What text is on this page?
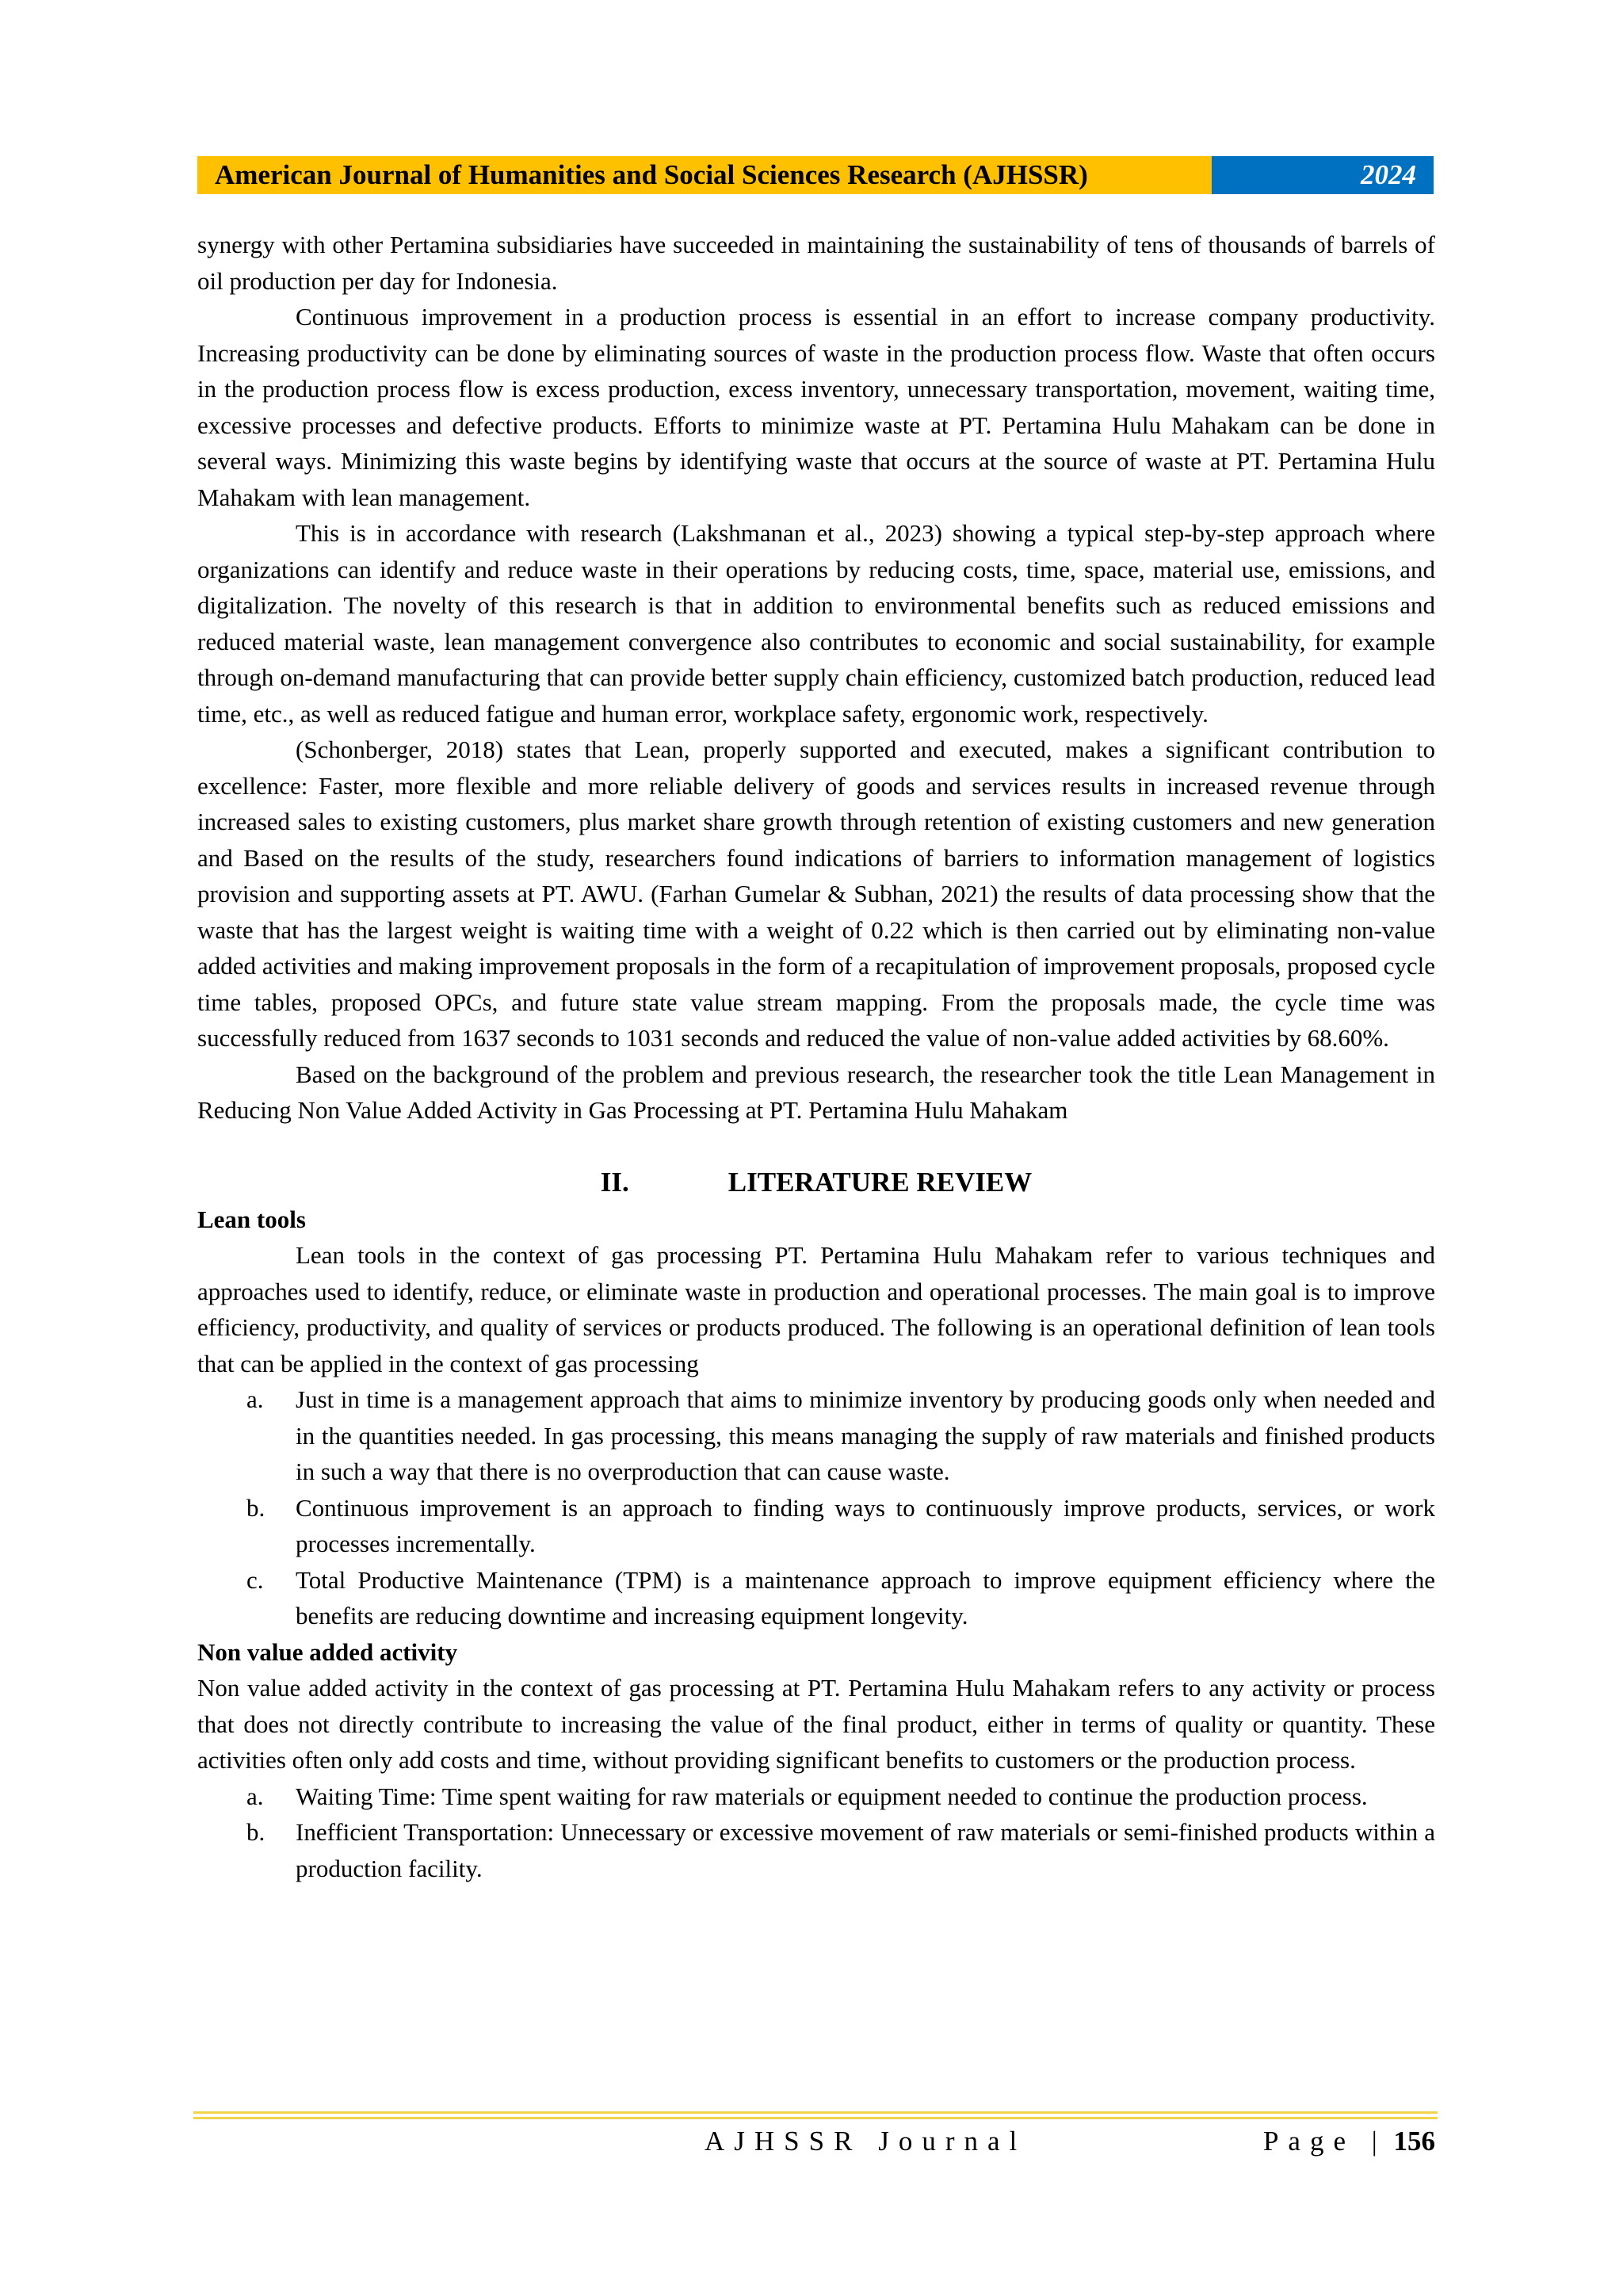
American Journal of Humanities and Social Sciences Research (AJHSSR)	2024

synergy with other Pertamina subsidiaries have succeeded in maintaining the sustainability of tens of thousands of barrels of oil production per day for Indonesia.

Continuous improvement in a production process is essential in an effort to increase company productivity. Increasing productivity can be done by eliminating sources of waste in the production process flow. Waste that often occurs in the production process flow is excess production, excess inventory, unnecessary transportation, movement, waiting time, excessive processes and defective products. Efforts to minimize waste at PT. Pertamina Hulu Mahakam can be done in several ways. Minimizing this waste begins by identifying waste that occurs at the source of waste at PT. Pertamina Hulu Mahakam with lean management.

This is in accordance with research (Lakshmanan et al., 2023) showing a typical step-by-step approach where organizations can identify and reduce waste in their operations by reducing costs, time, space, material use, emissions, and digitalization. The novelty of this research is that in addition to environmental benefits such as reduced emissions and reduced material waste, lean management convergence also contributes to economic and social sustainability, for example through on-demand manufacturing that can provide better supply chain efficiency, customized batch production, reduced lead time, etc., as well as reduced fatigue and human error, workplace safety, ergonomic work, respectively.

(Schonberger, 2018) states that Lean, properly supported and executed, makes a significant contribution to excellence: Faster, more flexible and more reliable delivery of goods and services results in increased revenue through increased sales to existing customers, plus market share growth through retention of existing customers and new generation and Based on the results of the study, researchers found indications of barriers to information management of logistics provision and supporting assets at PT. AWU. (Farhan Gumelar & Subhan, 2021) the results of data processing show that the waste that has the largest weight is waiting time with a weight of 0.22 which is then carried out by eliminating non-value added activities and making improvement proposals in the form of a recapitulation of improvement proposals, proposed cycle time tables, proposed OPCs, and future state value stream mapping. From the proposals made, the cycle time was successfully reduced from 1637 seconds to 1031 seconds and reduced the value of non-value added activities by 68.60%.

Based on the background of the problem and previous research, the researcher took the title Lean Management in Reducing Non Value Added Activity in Gas Processing at PT. Pertamina Hulu Mahakam

II.	LITERATURE REVIEW

Lean tools

Lean tools in the context of gas processing PT. Pertamina Hulu Mahakam refer to various techniques and approaches used to identify, reduce, or eliminate waste in production and operational processes. The main goal is to improve efficiency, productivity, and quality of services or products produced. The following is an operational definition of lean tools that can be applied in the context of gas processing

a. Just in time is a management approach that aims to minimize inventory by producing goods only when needed and in the quantities needed. In gas processing, this means managing the supply of raw materials and finished products in such a way that there is no overproduction that can cause waste.
b. Continuous improvement is an approach to finding ways to continuously improve products, services, or work processes incrementally.
c. Total Productive Maintenance (TPM) is a maintenance approach to improve equipment efficiency where the benefits are reducing downtime and increasing equipment longevity.

Non value added activity

Non value added activity in the context of gas processing at PT. Pertamina Hulu Mahakam refers to any activity or process that does not directly contribute to increasing the value of the final product, either in terms of quality or quantity. These activities often only add costs and time, without providing significant benefits to customers or the production process.

a. Waiting Time: Time spent waiting for raw materials or equipment needed to continue the production process.
b. Inefficient Transportation: Unnecessary or excessive movement of raw materials or semi-finished products within a production facility.
AJHSSR Journal	Page | 156
